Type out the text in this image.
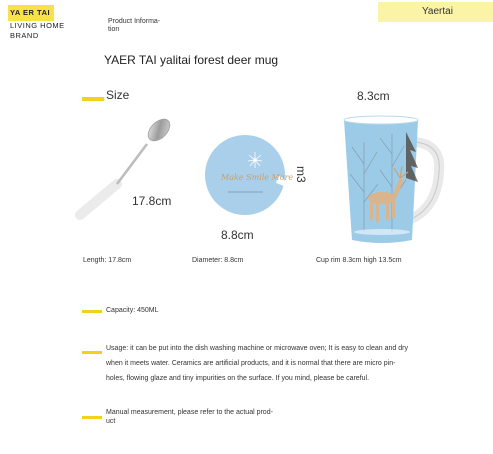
YA ER TAI
LIVING HOME
BRAND
Product Informa-
tion
Yaertai
YAER TAI yalitai forest deer mug
Size
17.8cm
Make Smile More
8.8cm
8.3cm
m3
Length: 17.8cm	Diameter: 8.8cm	Cup rim 8.3cm high 13.5cm
Capacity: 450ML
Usage: it can be put into the dish washing machine or microwave oven; It is easy to clean and dry
when it meets water. Ceramics are artificial products, and it is normal that there are micro pin-
holes, flowing glaze and tiny impurities on the surface. If you mind, please be careful.
Manual measurement, please refer to the actual prod-
uct
